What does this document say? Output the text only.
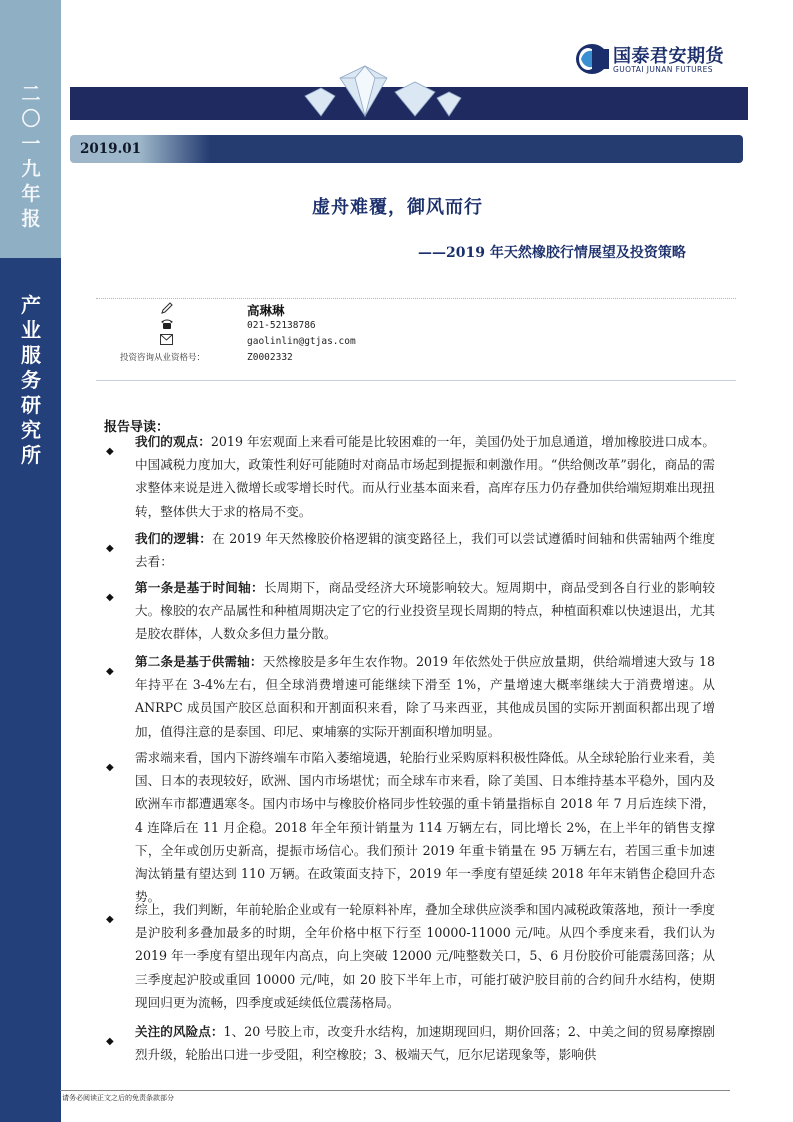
二
〇
一
九
年
报
产
业
服
务
研
究
所
国泰君安期货
GUOTAI JUNAN FUTURES
2019.01
虚舟难覆，御风而行
——2019 年天然橡胶行情展望及投资策略
高琳琳
021-52138786
gaolinlin@gtjas.com
投资咨询从业资格号：	Z0002332
报告导读：
◆

我们的观点：2019 年宏观面上来看可能是比较困难的一年，美国仍处于加息通道，增加橡胶进口成本。中国减税力度加大，政策性利好可能随时对商品市场起到提振和刺激作用。“供给侧改革”弱化，商品的需求整体来说是进入微增长或零增长时代。而从行业基本面来看，高库存压力仍存叠加供给端短期难出现扭转，整体供大于求的格局不变。

◆

我们的逻辑：在 2019 年天然橡胶价格逻辑的演变路径上，我们可以尝试遵循时间轴和供需轴两个维度去看：

◆

第一条是基于时间轴：长周期下，商品受经济大环境影响较大。短周期中，商品受到各自行业的影响较大。橡胶的农产品属性和种植周期决定了它的行业投资呈现长周期的特点，种植面积难以快速退出，尤其是胶农群体，人数众多但力量分散。

◆

第二条是基于供需轴：天然橡胶是多年生农作物。2019 年依然处于供应放量期，供给端增速大致与 18 年持平在 3-4%左右，但全球消费增速可能继续下滑至 1%，产量增速大概率继续大于消费增速。从 ANRPC 成员国产胶区总面积和开割面积来看，除了马来西亚，其他成员国的实际开割面积都出现了增加，值得注意的是泰国、印尼、柬埔寨的实际开割面积增加明显。

◆

需求端来看，国内下游终端车市陷入萎缩境遇，轮胎行业采购原料积极性降低。从全球轮胎行业来看，美国、日本的表现较好，欧洲、国内市场堪忧；而全球车市来看，除了美国、日本维持基本平稳外，国内及欧洲车市都遭遇寒冬。国内市场中与橡胶价格同步性较强的重卡销量指标自 2018 年 7 月后连续下滑，4 连降后在 11 月企稳。2018 年全年预计销量为 114 万辆左右，同比增长 2%，在上半年的销售支撑下，全年或创历史新高，提振市场信心。我们预计 2019 年重卡销量在 95 万辆左右，若国三重卡加速淘汰销量有望达到 110 万辆。在政策面支持下，2019 年一季度有望延续 2018 年年末销售企稳回升态势。

◆

综上，我们判断，年前轮胎企业或有一轮原料补库，叠加全球供应淡季和国内减税政策落地，预计一季度是沪胶利多叠加最多的时期，全年价格中枢下行至 10000-11000 元/吨。从四个季度来看，我们认为 2019 年一季度有望出现年内高点，向上突破 12000 元/吨整数关口，5、6 月份胶价可能震荡回落；从三季度起沪胶或重回 10000 元/吨，如 20 胶下半年上市，可能打破沪胶目前的合约间升水结构，使期现回归更为流畅，四季度或延续低位震荡格局。

◆

关注的风险点：1、20 号胶上市，改变升水结构，加速期现回归，期价回落；2、中美之间的贸易摩擦剧烈升级，轮胎出口进一步受阻，利空橡胶；3、极端天气，厄尔尼诺现象等，影响供

请务必阅读正文之后的免责条款部分
